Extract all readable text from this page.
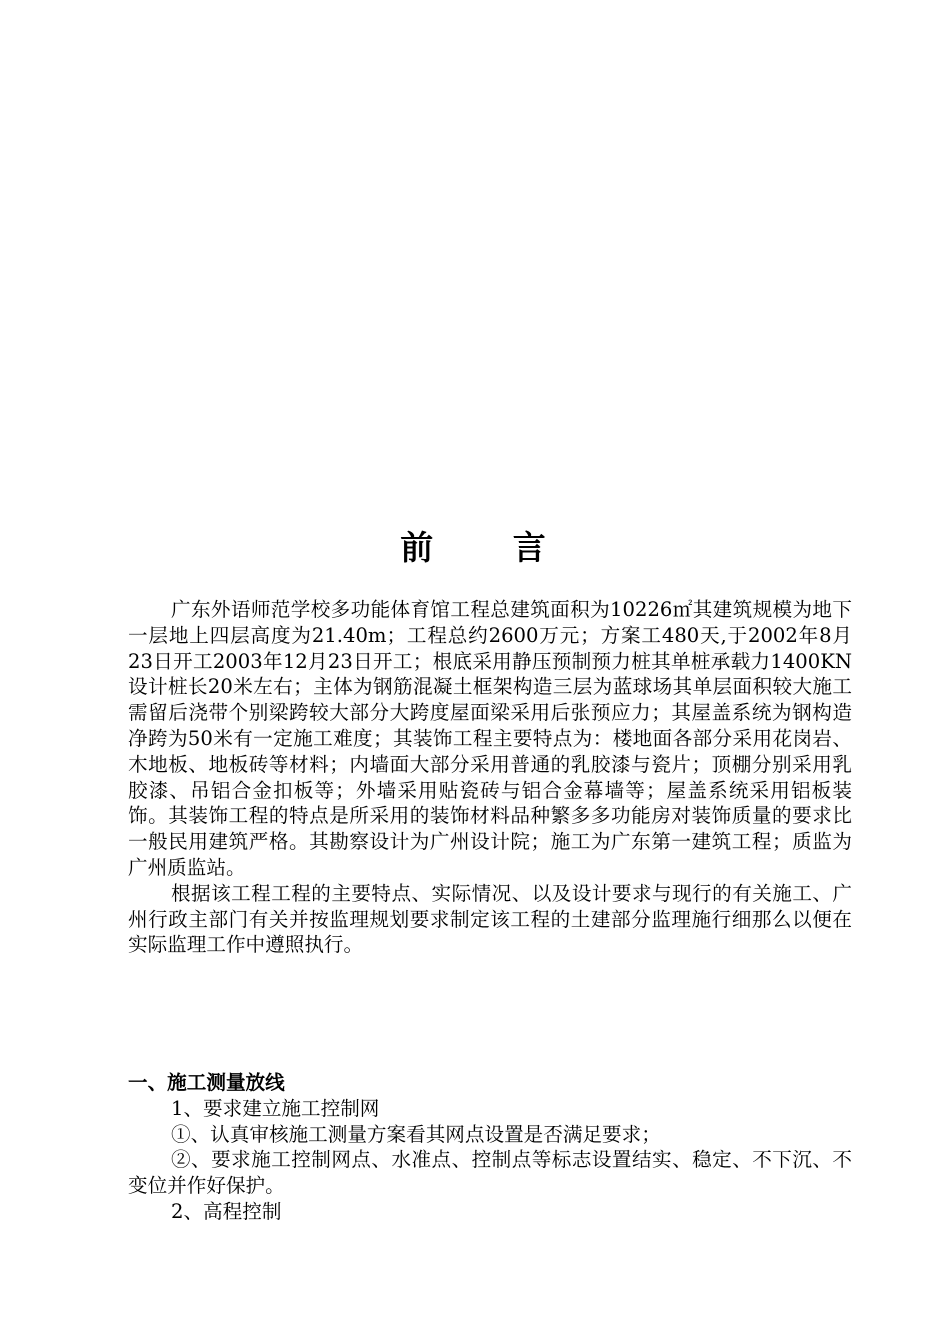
前 言

广东外语师范学校多功能体育馆工程总建筑面积为10226㎡其建筑规模为地下一层地上四层高度为21.40m；工程总约2600万元；方案工480天,于2002年8月23日开工2003年12月23日开工；根底采用静压预制预力桩其单桩承载力1400KN设计桩长20米左右；主体为钢筋混凝土框架构造三层为蓝球场其单层面积较大施工需留后浇带个别梁跨较大部分大跨度屋面梁采用后张预应力；其屋盖系统为钢构造净跨为50米有一定施工难度；其装饰工程主要特点为：楼地面各部分采用花岗岩、木地板、地板砖等材料；内墙面大部分采用普通的乳胶漆与瓷片；顶棚分别采用乳胶漆、吊铝合金扣板等；外墙采用贴瓷砖与铝合金幕墙等；屋盖系统采用铝板装饰。其装饰工程的特点是所采用的装饰材料品种繁多多功能房对装饰质量的要求比一般民用建筑严格。其勘察设计为广州设计院；施工为广东第一建筑工程；质监为广州质监站。

根据该工程工程的主要特点、实际情况、以及设计要求与现行的有关施工、广州行政主部门有关并按监理规划要求制定该工程的土建部分监理施行细那么以便在实际监理工作中遵照执行。

一、施工测量放线

1、要求建立施工控制网

①、认真审核施工测量方案看其网点设置是否满足要求；

②、要求施工控制网点、水准点、控制点等标志设置结实、稳定、不下沉、不变位并作好保护。

2、高程控制
